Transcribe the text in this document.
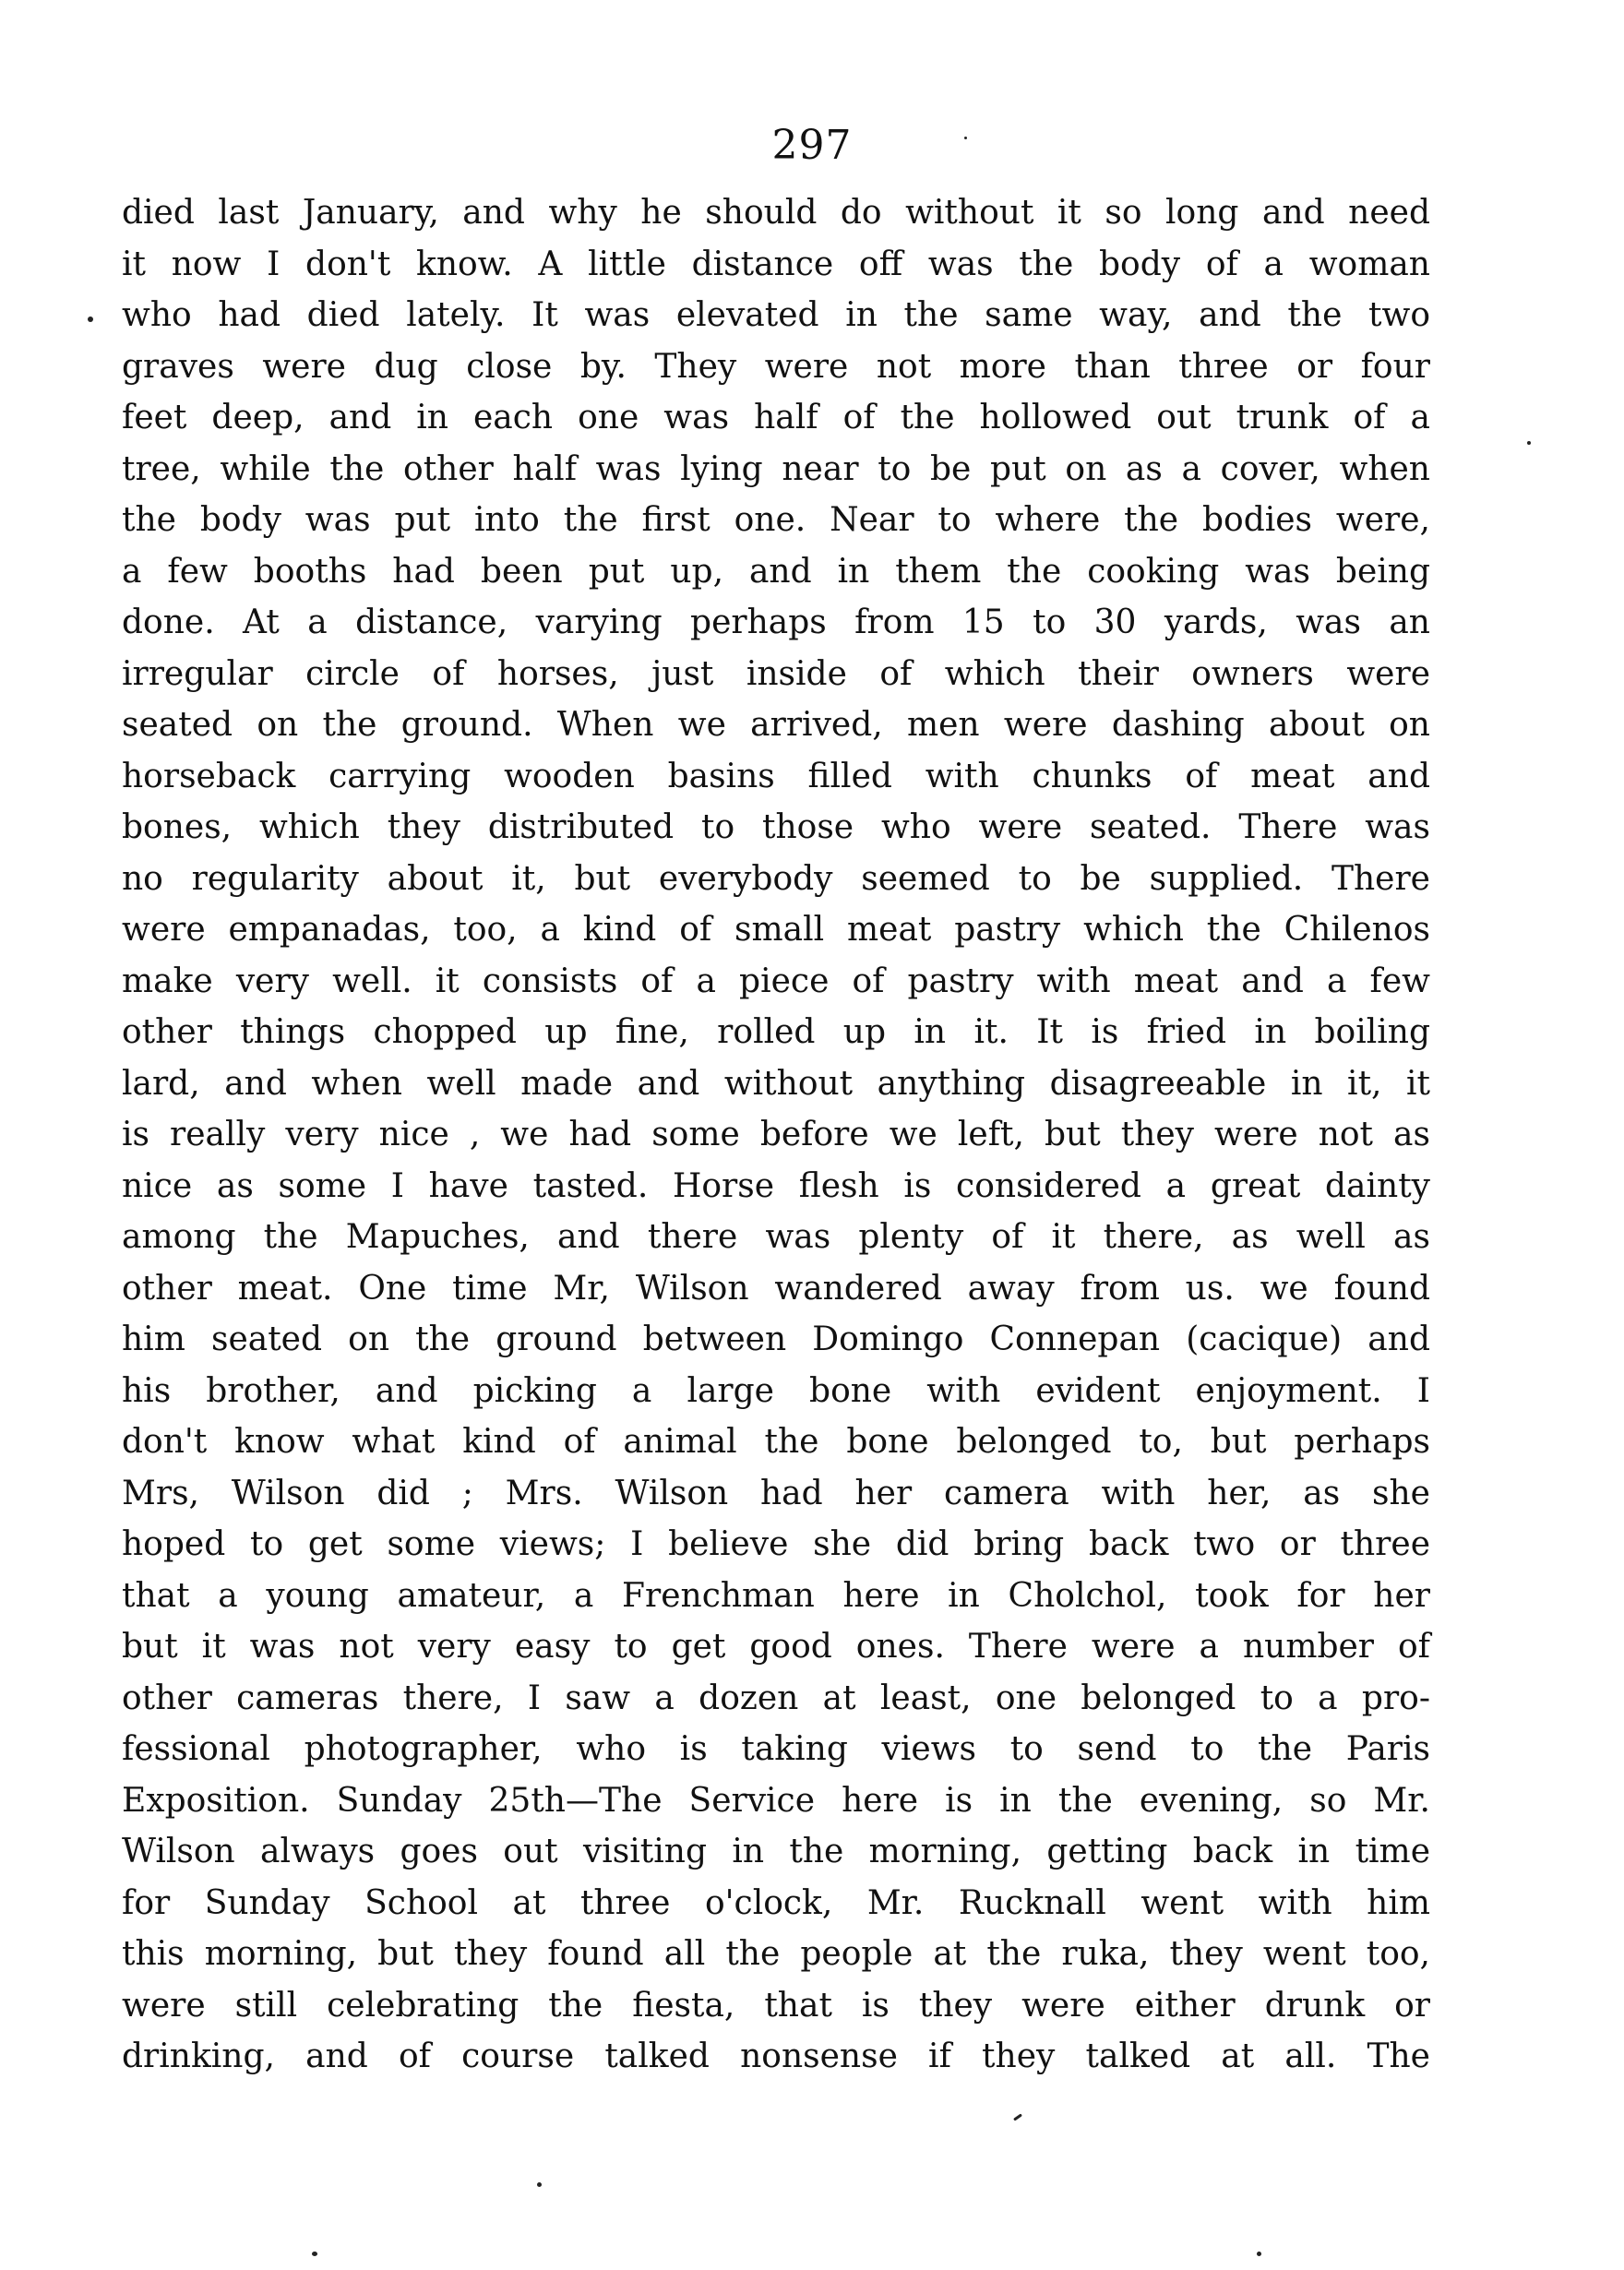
297
died last January, and why he should do without it so long and need
it now I don't know. A little distance off was the body of a woman
who had died lately. It was elevated in the same way, and the two
graves were dug close by. They were not more than three or four
feet deep, and in each one was half of the hollowed out trunk of a
tree, while the other half was lying near to be put on as a cover, when
the body was put into the first one. Near to where the bodies were,
a few booths had been put up, and in them the cooking was being
done. At a distance, varying perhaps from 15 to 30 yards, was an
irregular circle of horses, just inside of which their owners were
seated on the ground. When we arrived, men were dashing about on
horseback carrying wooden basins filled with chunks of meat and
bones, which they distributed to those who were seated. There was
no regularity about it, but everybody seemed to be supplied. There
were empanadas, too, a kind of small meat pastry which the Chilenos
make very well. it consists of a piece of pastry with meat and a few
other things chopped up fine, rolled up in it. It is fried in boiling
lard, and when well made and without anything disagreeable in it, it
is really very nice , we had some before we left, but they were not as
nice as some I have tasted. Horse flesh is considered a great dainty
among the Mapuches, and there was plenty of it there, as well as
other meat. One time Mr, Wilson wandered away from us. we found
him seated on the ground between Domingo Connepan (cacique) and
his brother, and picking a large bone with evident enjoyment. I
don't know what kind of animal the bone belonged to, but perhaps
Mrs, Wilson did ; Mrs. Wilson had her camera with her, as she
hoped to get some views; I believe she did bring back two or three
that a young amateur, a Frenchman here in Cholchol, took for her
but it was not very easy to get good ones. There were a number of
other cameras there, I saw a dozen at least, one belonged to a pro-
fessional photographer, who is taking views to send to the Paris
Exposition. Sunday 25th—The Service here is in the evening, so Mr.
Wilson always goes out visiting in the morning, getting back in time
for Sunday School at three o'clock, Mr. Rucknall went with him
this morning, but they found all the people at the ruka, they went too,
were still celebrating the fiesta, that is they were either drunk or
drinking, and of course talked nonsense if they talked at all. The
